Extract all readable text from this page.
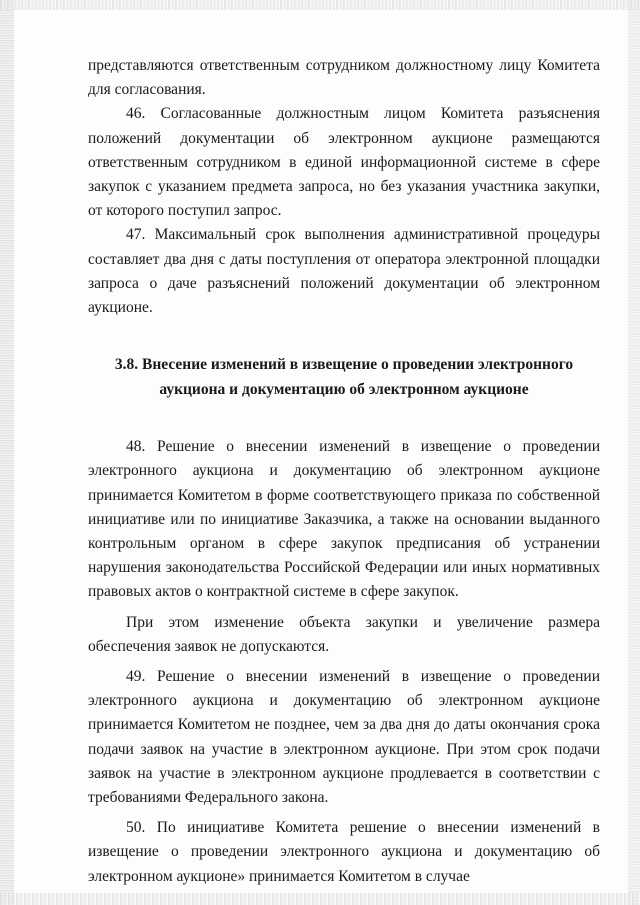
представляются ответственным сотрудником должностному лицу Комитета для согласования.

46. Согласованные должностным лицом Комитета разъяснения положений документации об электронном аукционе размещаются ответственным сотрудником в единой информационной системе в сфере закупок с указанием предмета запроса, но без указания участника закупки, от которого поступил запрос.

47. Максимальный срок выполнения административной процедуры составляет два дня с даты поступления от оператора электронной площадки запроса о даче разъяснений положений документации об электронном аукционе.

3.8. Внесение изменений в извещение о проведении электронного аукциона и документацию об электронном аукционе

48. Решение о внесении изменений в извещение о проведении электронного аукциона и документацию об электронном аукционе принимается Комитетом в форме соответствующего приказа по собственной инициативе или по инициативе Заказчика, а также на основании выданного контрольным органом в сфере закупок предписания об устранении нарушения законодательства Российской Федерации или иных нормативных правовых актов о контрактной системе в сфере закупок.

При этом изменение объекта закупки и увеличение размера обеспечения заявок не допускаются.

49. Решение о внесении изменений в извещение о проведении электронного аукциона и документацию об электронном аукционе принимается Комитетом не позднее, чем за два дня до даты окончания срока подачи заявок на участие в электронном аукционе. При этом срок подачи заявок на участие в электронном аукционе продлевается в соответствии с требованиями Федерального закона.

50. По инициативе Комитета решение о внесении изменений в извещение о проведении электронного аукциона и документацию об электронном аукционе» принимается Комитетом в случае
